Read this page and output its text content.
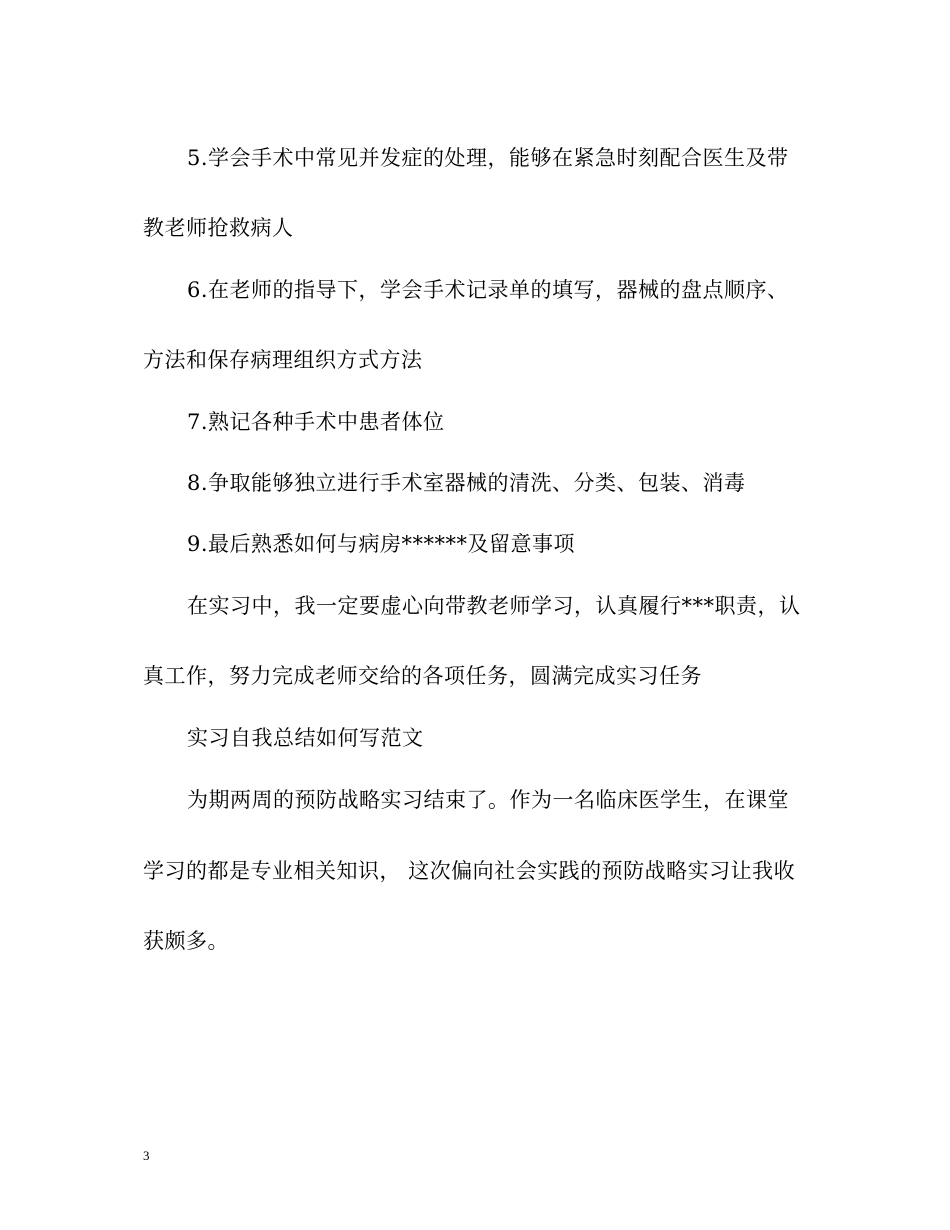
5.学会手术中常见并发症的处理，能够在紧急时刻配合医生及带
教老师抢救病人
6.在老师的指导下，学会手术记录单的填写，器械的盘点顺序、
方法和保存病理组织方式方法
7.熟记各种手术中患者体位
8.争取能够独立进行手术室器械的清洗、分类、包装、消毒
9.最后熟悉如何与病房******及留意事项
在实习中，我一定要虚心向带教老师学习，认真履行***职责，认
真工作，努力完成老师交给的各项任务，圆满完成实习任务
实习自我总结如何写范文
为期两周的预防战略实习结束了。作为一名临床医学生，在课堂
学习的都是专业相关知识， 这次偏向社会实践的预防战略实习让我收
获颇多。
3
